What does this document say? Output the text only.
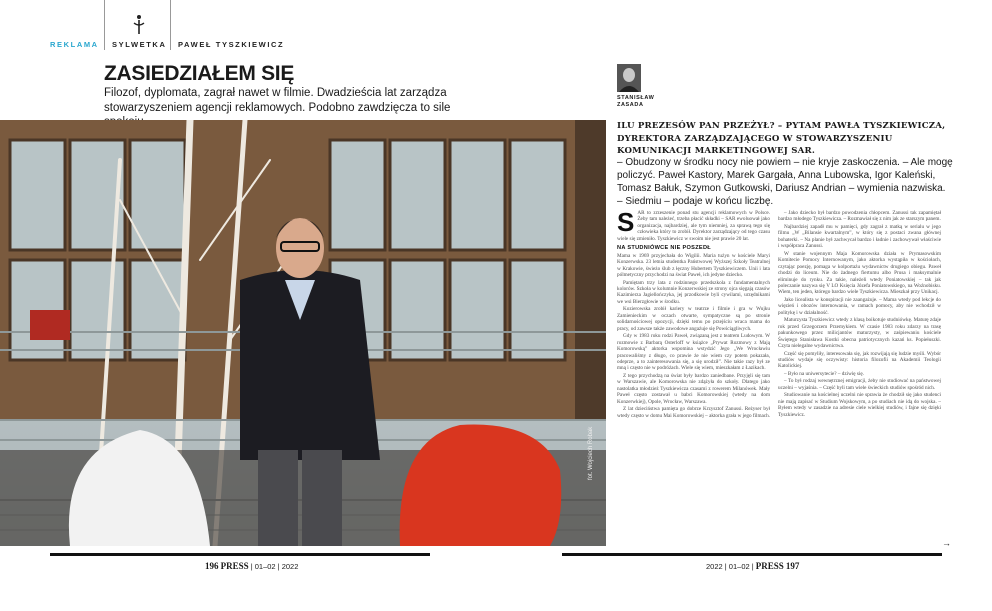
REKLAMA SYLWETKA PAWEŁ TYSZKIEWICZ
ZASIEDZIAŁEM SIĘ
Filozof, dyplomata, zagrał nawet w filmie. Dwadzieścia lat zarządza stowarzyszeniem agencji reklamowych. Podobno zawdzięcza to sile
fot. Wojciech Robak
STANISŁAW
ZASADA
ILU PREZESÓW PAN PRZEŻYŁ? – PYTAM PAWŁA TYSZKIEWICZA, DYREKTORA ZARZĄDZAJĄCEGO W STOWARZYSZENIU KOMUNIKACJI MARKETINGOWEJ SAR.
– Obudzony w środku nocy nie powiem – nie kryje zaskoczenia. – Ale mogę policzyć. Paweł Kastory, Marek Gargała, Anna Lubowska, Igor Kaleński, Tomasz Bałuk, Szymon Gutkowski, Dariusz Andrian – wymienia nazwiska.
– Siedmiu – podaje w końcu liczbę.
S AR to zrzeszenie ponad stu agencji reklamowych w Polsce. Żeby tam należeć, trzeba płacić składki – SAR ewoluował jako organizacja, najbardziej, ale tym niemniej, za sprawą tego się człowieka który to zrobił. Dyrektor zarządzający od tego czasu wiele się zmieniło. Tyszkiewicz w swoim nie jest prawie 20 lat.

NA STUDNIÓWCE NIE POSZEDŁ

Mama w 1969 przyjechała do Wigilii. Maria tużyn w kościele Maryi Konzerwska. 23 letnia studentka Państwowej Wyższej Szkoły Teatralnej w Krakowie, świeżo ślub z łęczny Hubertem Tyszkiewiczem. Unii i lata pólmetyczny przychodzi na świat Paweł, ich jedyne dziecko.

Pamiętam trzy lata z rodzinnego przedszkola z fundamentalnych kolorów. Szkoła w kolumnie Konzerwskiej ze strony ojca sięgają czasów Kazimierza Jagiellończyka, jej przodkowie byli cywilami, urzędnikami we wsi Bierzgłowie w środku.

Kozierowska zrobił kariery w teatrze i filmie i gra w Wujku Zamienieckim w oczach otwarte, sympatyczne są po stronie solidarnościowej opozycji, dzięki temu po przejściu wraca mama do pracy, od zawsze także zawodowe angażuje się Powściągliwych.

Gdy w 1983 roku rodzi Paweł, związaną jest z teatrem Ludowym. W rozmowie z Barbarą Osterloff w książce „Prywat Rozmowy z Mają Komorowską” aktorka wspomina wstydzić Jego „We Wrocławiu pracowaliśmy z długo, co prawie że nie wiem czy potem pokazała, odeprze, a to zainteresowania się, a się urodził”. Nie takie razy był ze mną i często nie w podróżach. Wiele się wiem, mieszkałam z Łazikach.

Z tego przychodzą na świat były bardzo zaniedbane. Przyjęli się tam w Warszawie, ale Komorowska nie zdążyła do szkoły. Dlatego jako nastolatka młodzież Tyszkiewicza czasami z rowerem Milanówek. Mały Paweł często zostawał u babci Komorowskiej (wtedy na dom Konzerwkiej), Opole, Wrocław, Warszawa.

Z lat dzieciństwa pamięta go dobrze Krzysztof Zanussi. Reżyser był wtedy często w domu Mai Komorowskiej – aktorka grała w jego filmach.

– Jako dziecko był bardzo powodzenia chłopcem. Zanussi tak zapamiętał bardzo młodego Tyszkiewicza. – Rozmawiał się z nim jak ze starszym panem.

Najbardziej zapadł mu w pamięci, gdy zagrał z matką w serialu w jego filmu „W „Bilansie kwartalnym”, w który się z postaci zwana głównej bohaterki. – Na planie był zachwycał bardzo i ładnie i zachowywał właściwie i współpraca Zanussi.

W stanie wojennym Maja Komorowska działa w Prymasowskim Komitecie Pomocy Internowanym, jako aktorka wystąpiła w kościołach, czytając poezję, pomaga w kolportażu wydawnictw drugiego obiegu. Paweł chodzi do liceum. Nie do żadnego fiertumu albo Prusa i maksymalnie eliminuje do rynku. Za takie, należeli wtedy Poniatowskiej – tak jak poleczanie nazywa się V LO Księcia Józefa Poniatowskiego, na Woźnobisku. Wiem, ten jeden, którego bardzo wiele Tyszkiewicza. Mieszkał przy Unikacj.

Jako licealista w konspiracji nie zaangażuje. – Mama wtedy pod lekcje do więzień i obozów internowania, w ramach pomocy, aby nie wchodził w politykę i w działalność.

Maturzysta Tyszkiewicz wtedy z klasą boikotuje studniówkę. Maturę zdaje rok przed Grzegorzem Przemykiem. W czasie 1983 roku zdarzy na trasę pakunkowego przez milicjantów maturzysty, w zaśpiewaniu kościele Świętego Stanisława Kostki obecna patriotycznych kazań ks. Popiełuszki. Czyta nielegalne wydawnictwa.

Część się pomyliły, interesowała się, jak rozwijają się ludzie myśli. Wybór studiów wydaje się oczywisty: historia filozofii na Akademii Teologii Katolickiej.

– Było na uniwersytecie? – dziwię się.

– To był rodzaj wewnętrznej emigracji, żeby nie studiować na państwowej uczelni – wyjaśnia. – Część byli tam wiele świeckich studiów spośród nich.

Studiowanie na kościelnej uczelni nie sprawia że chodził się jako studenci nie mają zapisać w Studium Wojskowym, a po studiach nie idą do wojska. – Byłem wtedy w zasadzie na adresie ciele wielkiej studiów, i fajne się dzięki Tyszkiewicz.

→
196 PRESS | 01–02 | 2022	2022 | 01–02 | PRESS 197
